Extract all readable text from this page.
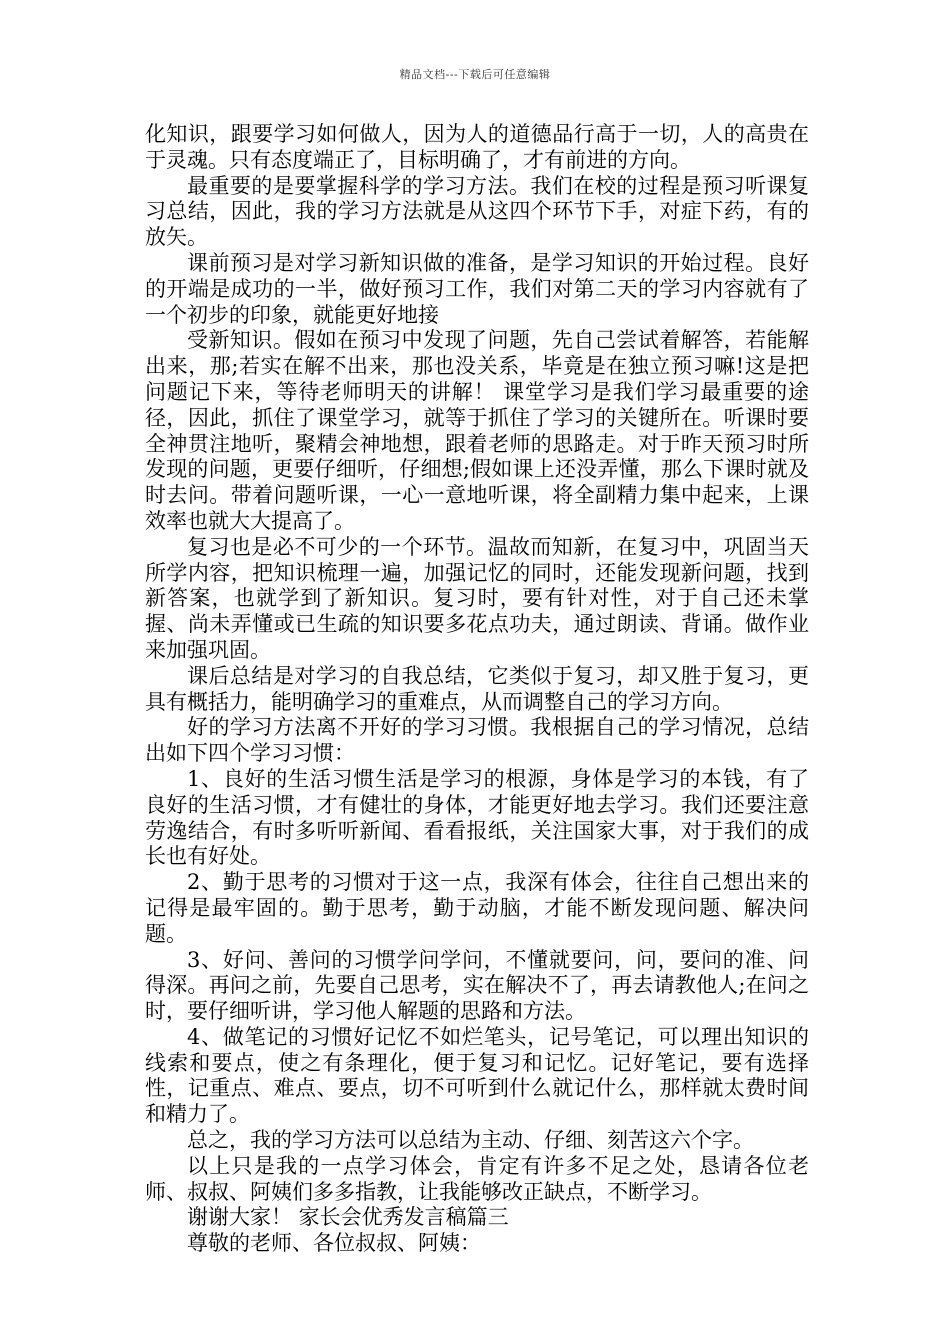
精品文档---下载后可任意编辑

化知识，跟要学习如何做人，因为人的道德品行高于一切，人的高贵在于灵魂。只有态度端正了，目标明确了，才有前进的方向。

最重要的是要掌握科学的学习方法。我们在校的过程是预习听课复习总结，因此，我的学习方法就是从这四个环节下手，对症下药，有的放矢。

课前预习是对学习新知识做的准备，是学习知识的开始过程。良好的开端是成功的一半，做好预习工作，我们对第二天的学习内容就有了一个初步的印象，就能更好地接

受新知识。假如在预习中发现了问题，先自己尝试着解答，若能解出来，那;若实在解不出来，那也没关系，毕竟是在独立预习嘛!这是把问题记下来，等待老师明天的讲解！ 课堂学习是我们学习最重要的途径，因此，抓住了课堂学习，就等于抓住了学习的关键所在。听课时要全神贯注地听，聚精会神地想，跟着老师的思路走。对于昨天预习时所发现的问题，更要仔细听，仔细想;假如课上还没弄懂，那么下课时就及时去问。带着问题听课，一心一意地听课，将全副精力集中起来，上课效率也就大大提高了。

复习也是必不可少的一个环节。温故而知新，在复习中，巩固当天所学内容，把知识梳理一遍，加强记忆的同时，还能发现新问题，找到新答案，也就学到了新知识。复习时，要有针对性，对于自己还未掌握、尚未弄懂或已生疏的知识要多花点功夫，通过朗读、背诵。做作业来加强巩固。

课后总结是对学习的自我总结，它类似于复习，却又胜于复习，更具有概括力，能明确学习的重难点，从而调整自己的学习方向。

好的学习方法离不开好的学习习惯。我根据自己的学习情况，总结出如下四个学习习惯：

1、良好的生活习惯生活是学习的根源，身体是学习的本钱，有了良好的生活习惯，才有健壮的身体，才能更好地去学习。我们还要注意劳逸结合，有时多听听新闻、看看报纸，关注国家大事，对于我们的成长也有好处。

2、勤于思考的习惯对于这一点，我深有体会，往往自己想出来的记得是最牢固的。勤于思考，勤于动脑，才能不断发现问题、解决问题。

3、好问、善问的习惯学问学问，不懂就要问，问，要问的准、问得深。再问之前，先要自己思考，实在解决不了，再去请教他人;在问之时，要仔细听讲，学习他人解题的思路和方法。

4、做笔记的习惯好记忆不如烂笔头，记号笔记，可以理出知识的线索和要点，使之有条理化，便于复习和记忆。记好笔记，要有选择性，记重点、难点、要点，切不可听到什么就记什么，那样就太费时间和精力了。

总之，我的学习方法可以总结为主动、仔细、刻苦这六个字。

以上只是我的一点学习体会，肯定有许多不足之处，恳请各位老师、叔叔、阿姨们多多指教，让我能够改正缺点，不断学习。

谢谢大家！ 家长会优秀发言稿篇三

尊敬的老师、各位叔叔、阿姨：
